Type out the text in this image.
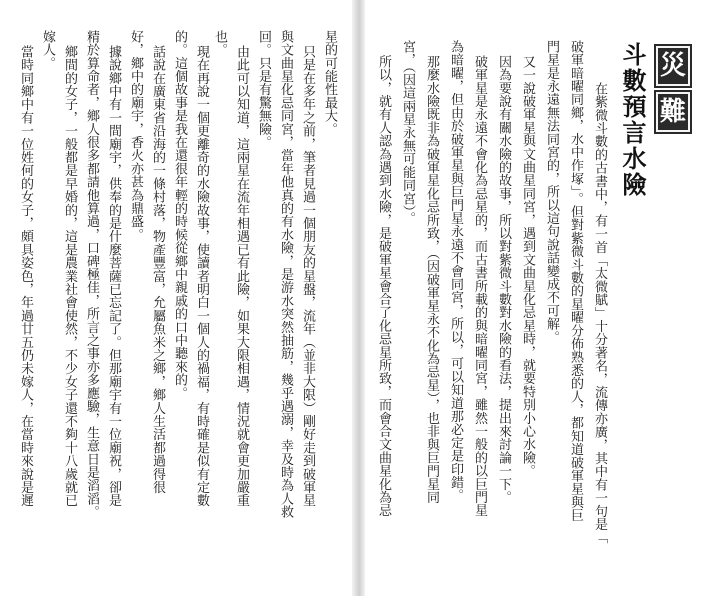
災
難
斗數預言水險
在紫微斗數的古書中，有一首「太微賦」十分著名，流傳亦廣，其中有一句是「
破軍暗曜同鄉，水中作塚」。但對紫微斗數的星曜分佈熟悉的人，都知道破軍星與巨
門星是永遠無法同宮的，所以這句說話變成不可解。
又一說破軍星與文曲星同宮，遇到文曲星化忌星時，就要特別小心水險。
因為要說有關水險的故事，所以對紫微斗數對水險的看法，提出來討論一下。
破軍星是永遠不會化為忌星的，而古書所載的與暗曜同宮，雖然一般的以巨門星
為暗曜，但由於破軍星與巨門星永遠不會同宮，所以，可以知道那必定是印錯。
那麼水險既非為破軍星化忌所致，（因破軍星永不化為忌星），也非與巨門星同
宮，（因這兩星永無可能同宮）。
所以，就有人認為遇到水險，是破軍星會合了化忌星所致，而會合文曲星化為忌
星的可能性最大。
只是在多年之前，筆者見過一個朋友的星盤，流年（並非大限）剛好走到破軍星
與文曲星化忌同宮，當年他真的有水險，是游水突然抽筋，幾乎遇溺，幸及時為人救
回。只是有驚無險。
由此可以知道，這兩星在流年相遇已有此險，如果大限相遇，情況就會更加嚴重
也。
現在再說一個更離奇的水險故事，使讀者明白一個人的禍福，有時確是似有定數
的。這個故事是我在還很年輕的時候從鄉中親戚的口中聽來的。
話說在廣東省沿海的一條村落，物產豐富，允屬魚米之鄉，鄉人生活都過得很
好，鄉中的廟宇，香火亦甚為鼎盛。
據說鄉中有一間廟宇，供奉的是什麼菩薩已忘記了。但那廟宇有一位廟祝，卻是
精於算命者，鄉人很多都請他算過，口碑極佳，所言之事亦多應驗，生意日是滔滔。
鄉間的女子，一般都是早婚的，這是農業社會使然，不少女子還不夠十八歲就已
嫁人。
當時同鄉中有一位姓何的女子，頗具姿色，年過廿五仍未嫁人，在當時來說是遲
